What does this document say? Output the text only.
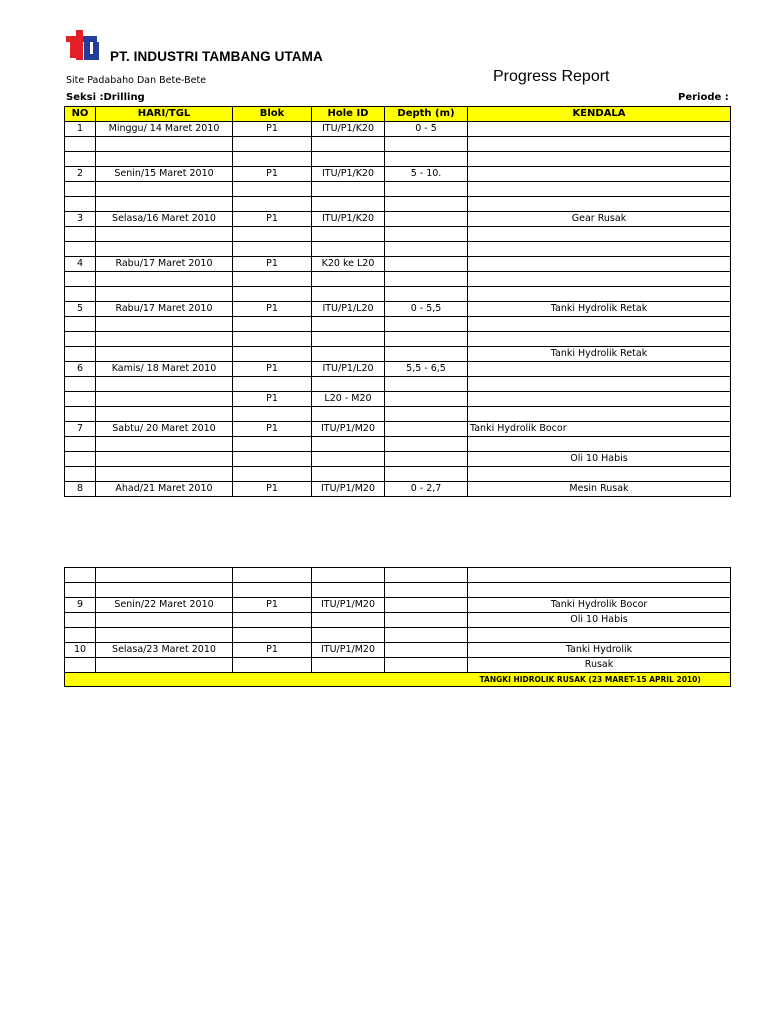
PT. INDUSTRI TAMBANG UTAMA
Site Padabaho Dan Bete-Bete	Progress Report
Seksi :Drilling	Periode :
NO	HARI/TGL	Blok	Hole ID	Depth (m)	KENDALA
1	Minggu/ 14 Maret 2010	P1	ITU/P1/K20	0 - 5	

2	Senin/15 Maret 2010	P1	ITU/P1/K20	5 - 10.	

3	Selasa/16 Maret 2010	P1	ITU/P1/K20		Gear Rusak

4	Rabu/17 Maret 2010	P1	K20 ke L20		

5	Rabu/17 Maret 2010	P1	ITU/P1/L20	0 - 5,5	Tanki Hydrolik Retak

					Tanki Hydrolik Retak
6	Kamis/ 18 Maret 2010	P1	ITU/P1/L20	5,5 - 6,5	

		P1	L20 - M20		

7	Sabtu/ 20 Maret 2010	P1	ITU/P1/M20		Tanki Hydrolik Bocor

					Oli 10 Habis

8	Ahad/21 Maret 2010	P1	ITU/P1/M20	0 - 2,7	Mesin Rusak

9	Senin/22 Maret 2010	P1	ITU/P1/M20		Tanki Hydrolik Bocor
					Oli 10 Habis

10	Selasa/23 Maret 2010	P1	ITU/P1/M20		Tanki Hydrolik
					Rusak
	TANGKI HIDROLIK RUSAK (23 MARET-15 APRIL 2010)				
